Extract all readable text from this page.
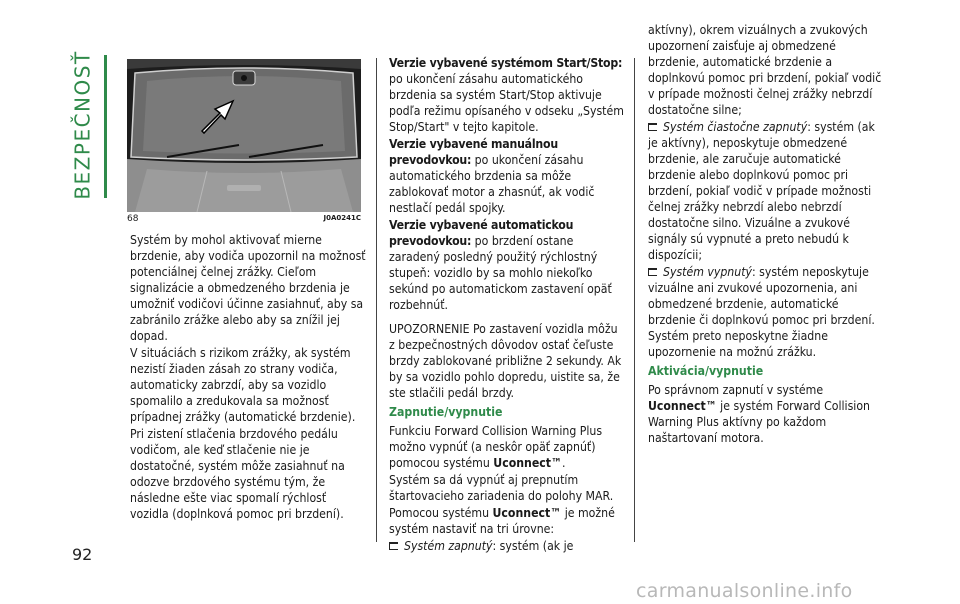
BEZPEČNOSŤ
92
68	J0A0241C

Systém by mohol aktivovať mierne brzdenie, aby vodiča upozornil na možnosť potenciálnej čelnej zrážky. Cieľom signalizácie a obmedzeného brzdenia je umožniť vodičovi účinne zasiahnuť, aby sa zabránilo zrážke alebo aby sa znížil jej dopad.

V situáciách s rizikom zrážky, ak systém nezistí žiaden zásah zo strany vodiča, automaticky zabrzdí, aby sa vozidlo spomalilo a zredukovala sa možnosť prípadnej zrážky (automatické brzdenie).

Pri zistení stlačenia brzdového pedálu vodičom, ale keď stlačenie nie je dostatočné, systém môže zasiahnuť na odozve brzdového systému tým, že následne ešte viac spomalí rýchlosť vozidla (doplnková pomoc pri brzdení).

Verzie vybavené systémom Start/Stop: po ukončení zásahu automatického brzdenia sa systém Start/Stop aktivuje podľa režimu opísaného v odseku „Systém Stop/Start" v tejto kapitole.

Verzie vybavené manuálnou prevodovkou: po ukončení zásahu automatického brzdenia sa môže zablokovať motor a zhasnúť, ak vodič nestlačí pedál spojky.

Verzie vybavené automatickou prevodovkou: po brzdení ostane zaradený posledný použitý rýchlostný stupeň: vozidlo by sa mohlo niekoľko sekúnd po automatickom zastavení opäť rozbehnúť.

UPOZORNENIE Po zastavení vozidla môžu z bezpečnostných dôvodov ostať čeľuste brzdy zablokované približne 2 sekundy. Ak by sa vozidlo pohlo dopredu, uistite sa, že ste stlačili pedál brzdy.

Zapnutie/vypnutie

Funkciu Forward Collision Warning Plus možno vypnúť (a neskôr opäť zapnúť) pomocou systému Uconnect™.

Systém sa dá vypnúť aj prepnutím štartovacieho zariadenia do polohy MAR.

Pomocou systému Uconnect™ je možné systém nastaviť na tri úrovne:

Systém zapnutý: systém (ak je

aktívny), okrem vizuálnych a zvukových upozornení zaisťuje aj obmedzené brzdenie, automatické brzdenie a doplnkovú pomoc pri brzdení, pokiaľ vodič v prípade možnosti čelnej zrážky nebrzdí dostatočne silne;

Systém čiastočne zapnutý: systém (ak je aktívny), neposkytuje obmedzené brzdenie, ale zaručuje automatické brzdenie alebo doplnkovú pomoc pri brzdení, pokiaľ vodič v prípade možnosti čelnej zrážky nebrzdí alebo nebrzdí dostatočne silno. Vizuálne a zvukové signály sú vypnuté a preto nebudú k dispozícii;

Systém vypnutý: systém neposkytuje vizuálne ani zvukové upozornenia, ani obmedzené brzdenie, automatické brzdenie či doplnkovú pomoc pri brzdení. Systém preto neposkytne žiadne upozornenie na možnú zrážku.

Aktivácia/vypnutie

Po správnom zapnutí v systéme Uconnect™ je systém Forward Collision Warning Plus aktívny po každom naštartovaní motora.

carmanualsonline.info
